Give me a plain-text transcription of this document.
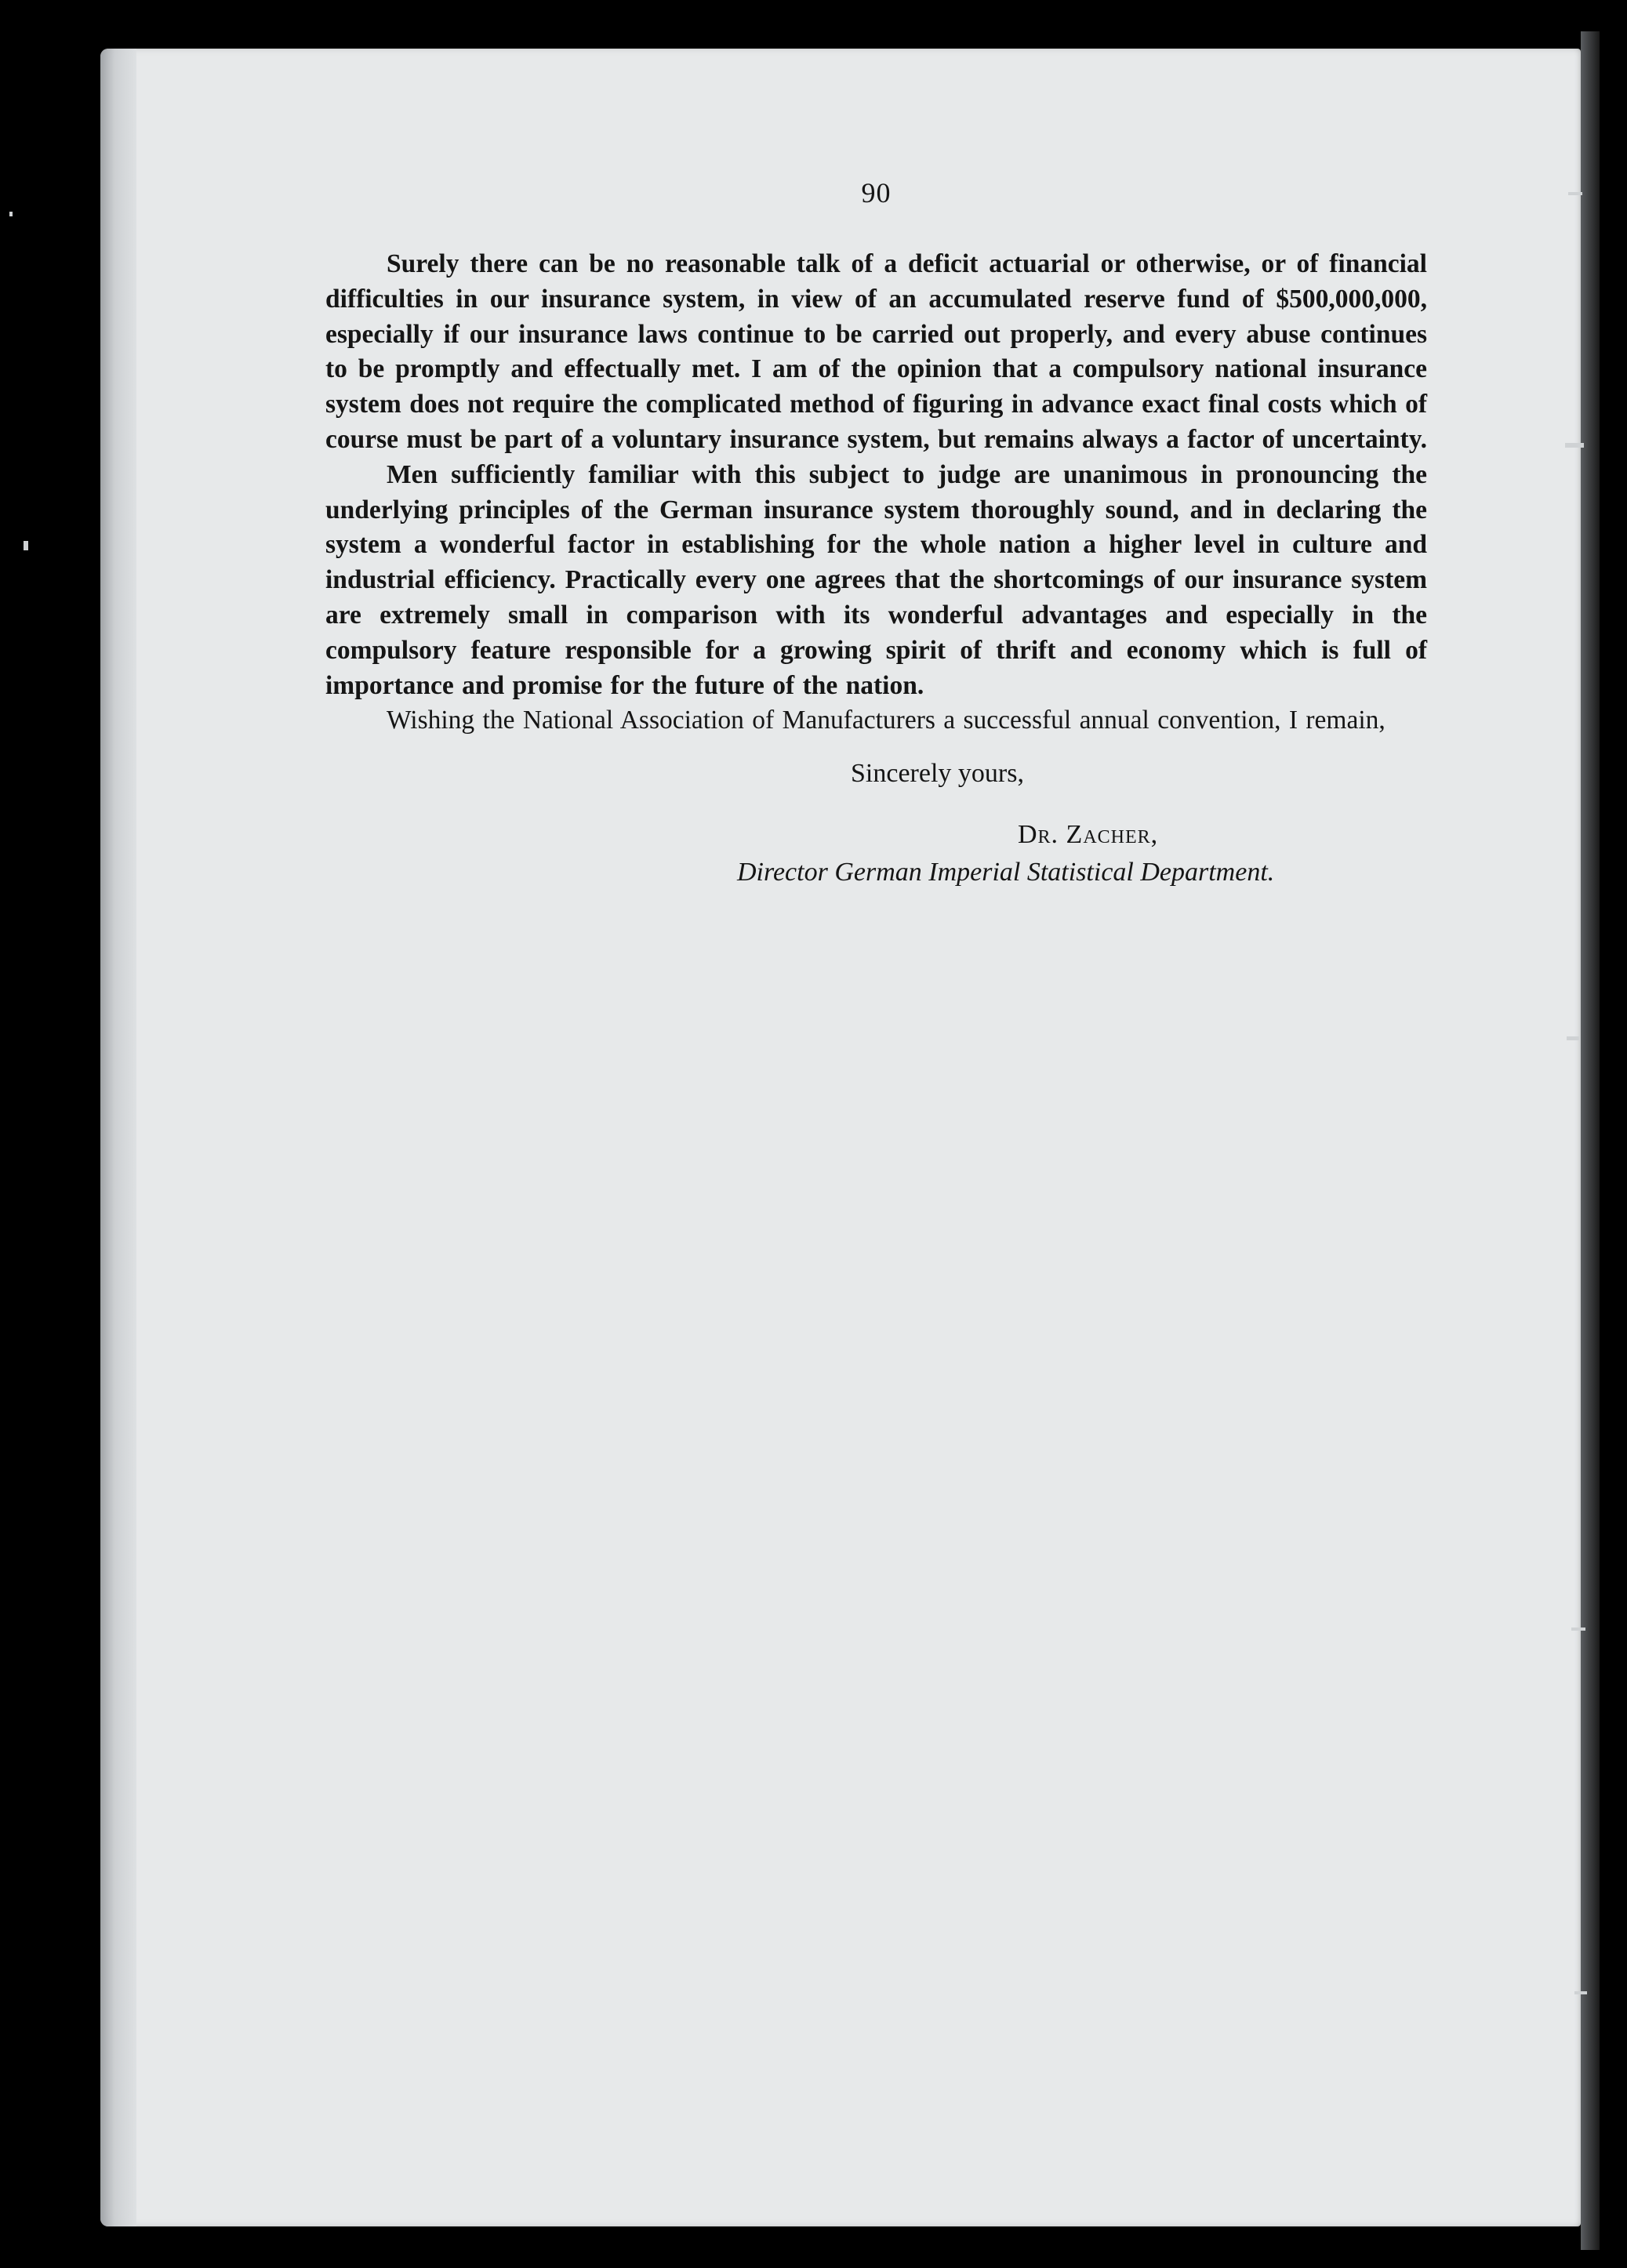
90

Surely there can be no reasonable talk of a deficit actuarial or otherwise, or of financial difficulties in our insurance system, in view of an accumulated reserve fund of $500,000,000, especially if our insurance laws continue to be carried out properly, and every abuse continues to be promptly and effectually met. I am of the opinion that a compulsory national insurance system does not require the complicated method of figuring in advance exact final costs which of course must be part of a voluntary insurance system, but remains always a factor of uncertainty.

Men sufficiently familiar with this subject to judge are unanimous in pronouncing the underlying principles of the German insurance system thoroughly sound, and in declaring the system a wonderful factor in establishing for the whole nation a higher level in culture and industrial efficiency. Practically every one agrees that the shortcomings of our insurance system are extremely small in comparison with its wonderful advantages and especially in the compulsory feature responsible for a growing spirit of thrift and economy which is full of importance and promise for the future of the nation.

Wishing the National Association of Manufacturers a successful annual convention, I remain,

Sincerely yours,

Dr. Zacher,

Director German Imperial Statistical Department.
